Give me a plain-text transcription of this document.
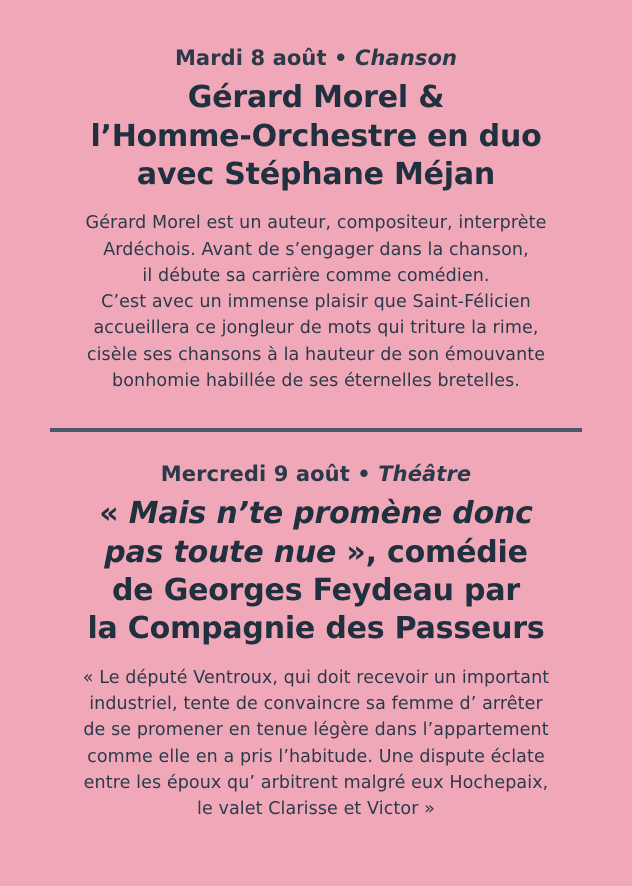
Mardi 8 août • Chanson
Gérard Morel &
l’Homme-Orchestre en duo
avec Stéphane Méjan

Gérard Morel est un auteur, compositeur, interprète
Ardéchois. Avant de s’engager dans la chanson,
il débute sa carrière comme comédien.
C’est avec un immense plaisir que Saint-Félicien
accueillera ce jongleur de mots qui triture la rime,
cisèle ses chansons à la hauteur de son émouvante
bonhomie habillée de ses éternelles bretelles.

Mercredi 9 août • Théâtre
« Mais n’te promène donc
pas toute nue », comédie
de Georges Feydeau par
la Compagnie des Passeurs

« Le député Ventroux, qui doit recevoir un important
industriel, tente de convaincre sa femme d’ arrêter
de se promener en tenue légère dans l’appartement
comme elle en a pris l’habitude. Une dispute éclate
entre les époux qu’ arbitrent malgré eux Hochepaix,
le valet Clarisse et Victor »
